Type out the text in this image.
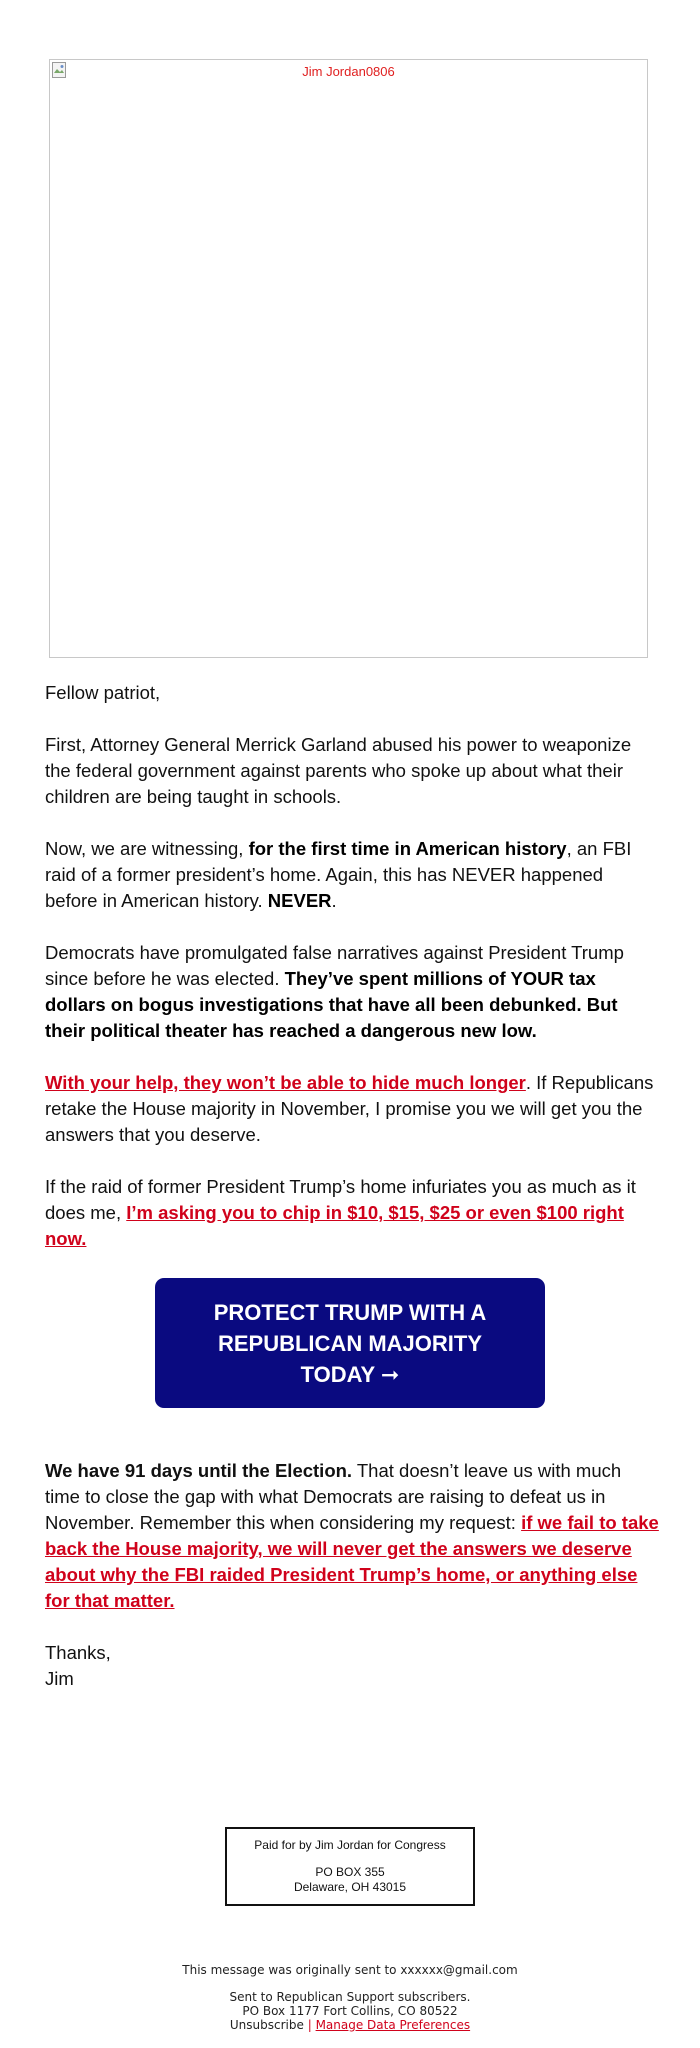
Jim Jordan0806

Fellow patriot,

First, Attorney General Merrick Garland abused his power to weaponize the federal government against parents who spoke up about what their children are being taught in schools.

Now, we are witnessing, for the first time in American history, an FBI raid of a former president’s home. Again, this has NEVER happened before in American history. NEVER.

Democrats have promulgated false narratives against President Trump since before he was elected. They’ve spent millions of YOUR tax dollars on bogus investigations that have all been debunked. But their political theater has reached a dangerous new low.

With your help, they won’t be able to hide much longer. If Republicans retake the House majority in November, I promise you we will get you the answers that you deserve.

If the raid of former President Trump’s home infuriates you as much as it does me, I’m asking you to chip in $10, $15, $25 or even $100 right now.

PROTECT TRUMP WITH A REPUBLICAN MAJORITY TODAY ➞

We have 91 days until the Election. That doesn’t leave us with much time to close the gap with what Democrats are raising to defeat us in November. Remember this when considering my request: if we fail to take back the House majority, we will never get the answers we deserve about why the FBI raided President Trump’s home, or anything else for that matter.

Thanks,
Jim

Paid for by Jim Jordan for Congress
PO BOX 355
Delaware, OH 43015
This message was originally sent to xxxxxx@gmail.com
Sent to Republican Support subscribers.
PO Box 1177 Fort Collins, CO 80522
Unsubscribe | Manage Data Preferences
